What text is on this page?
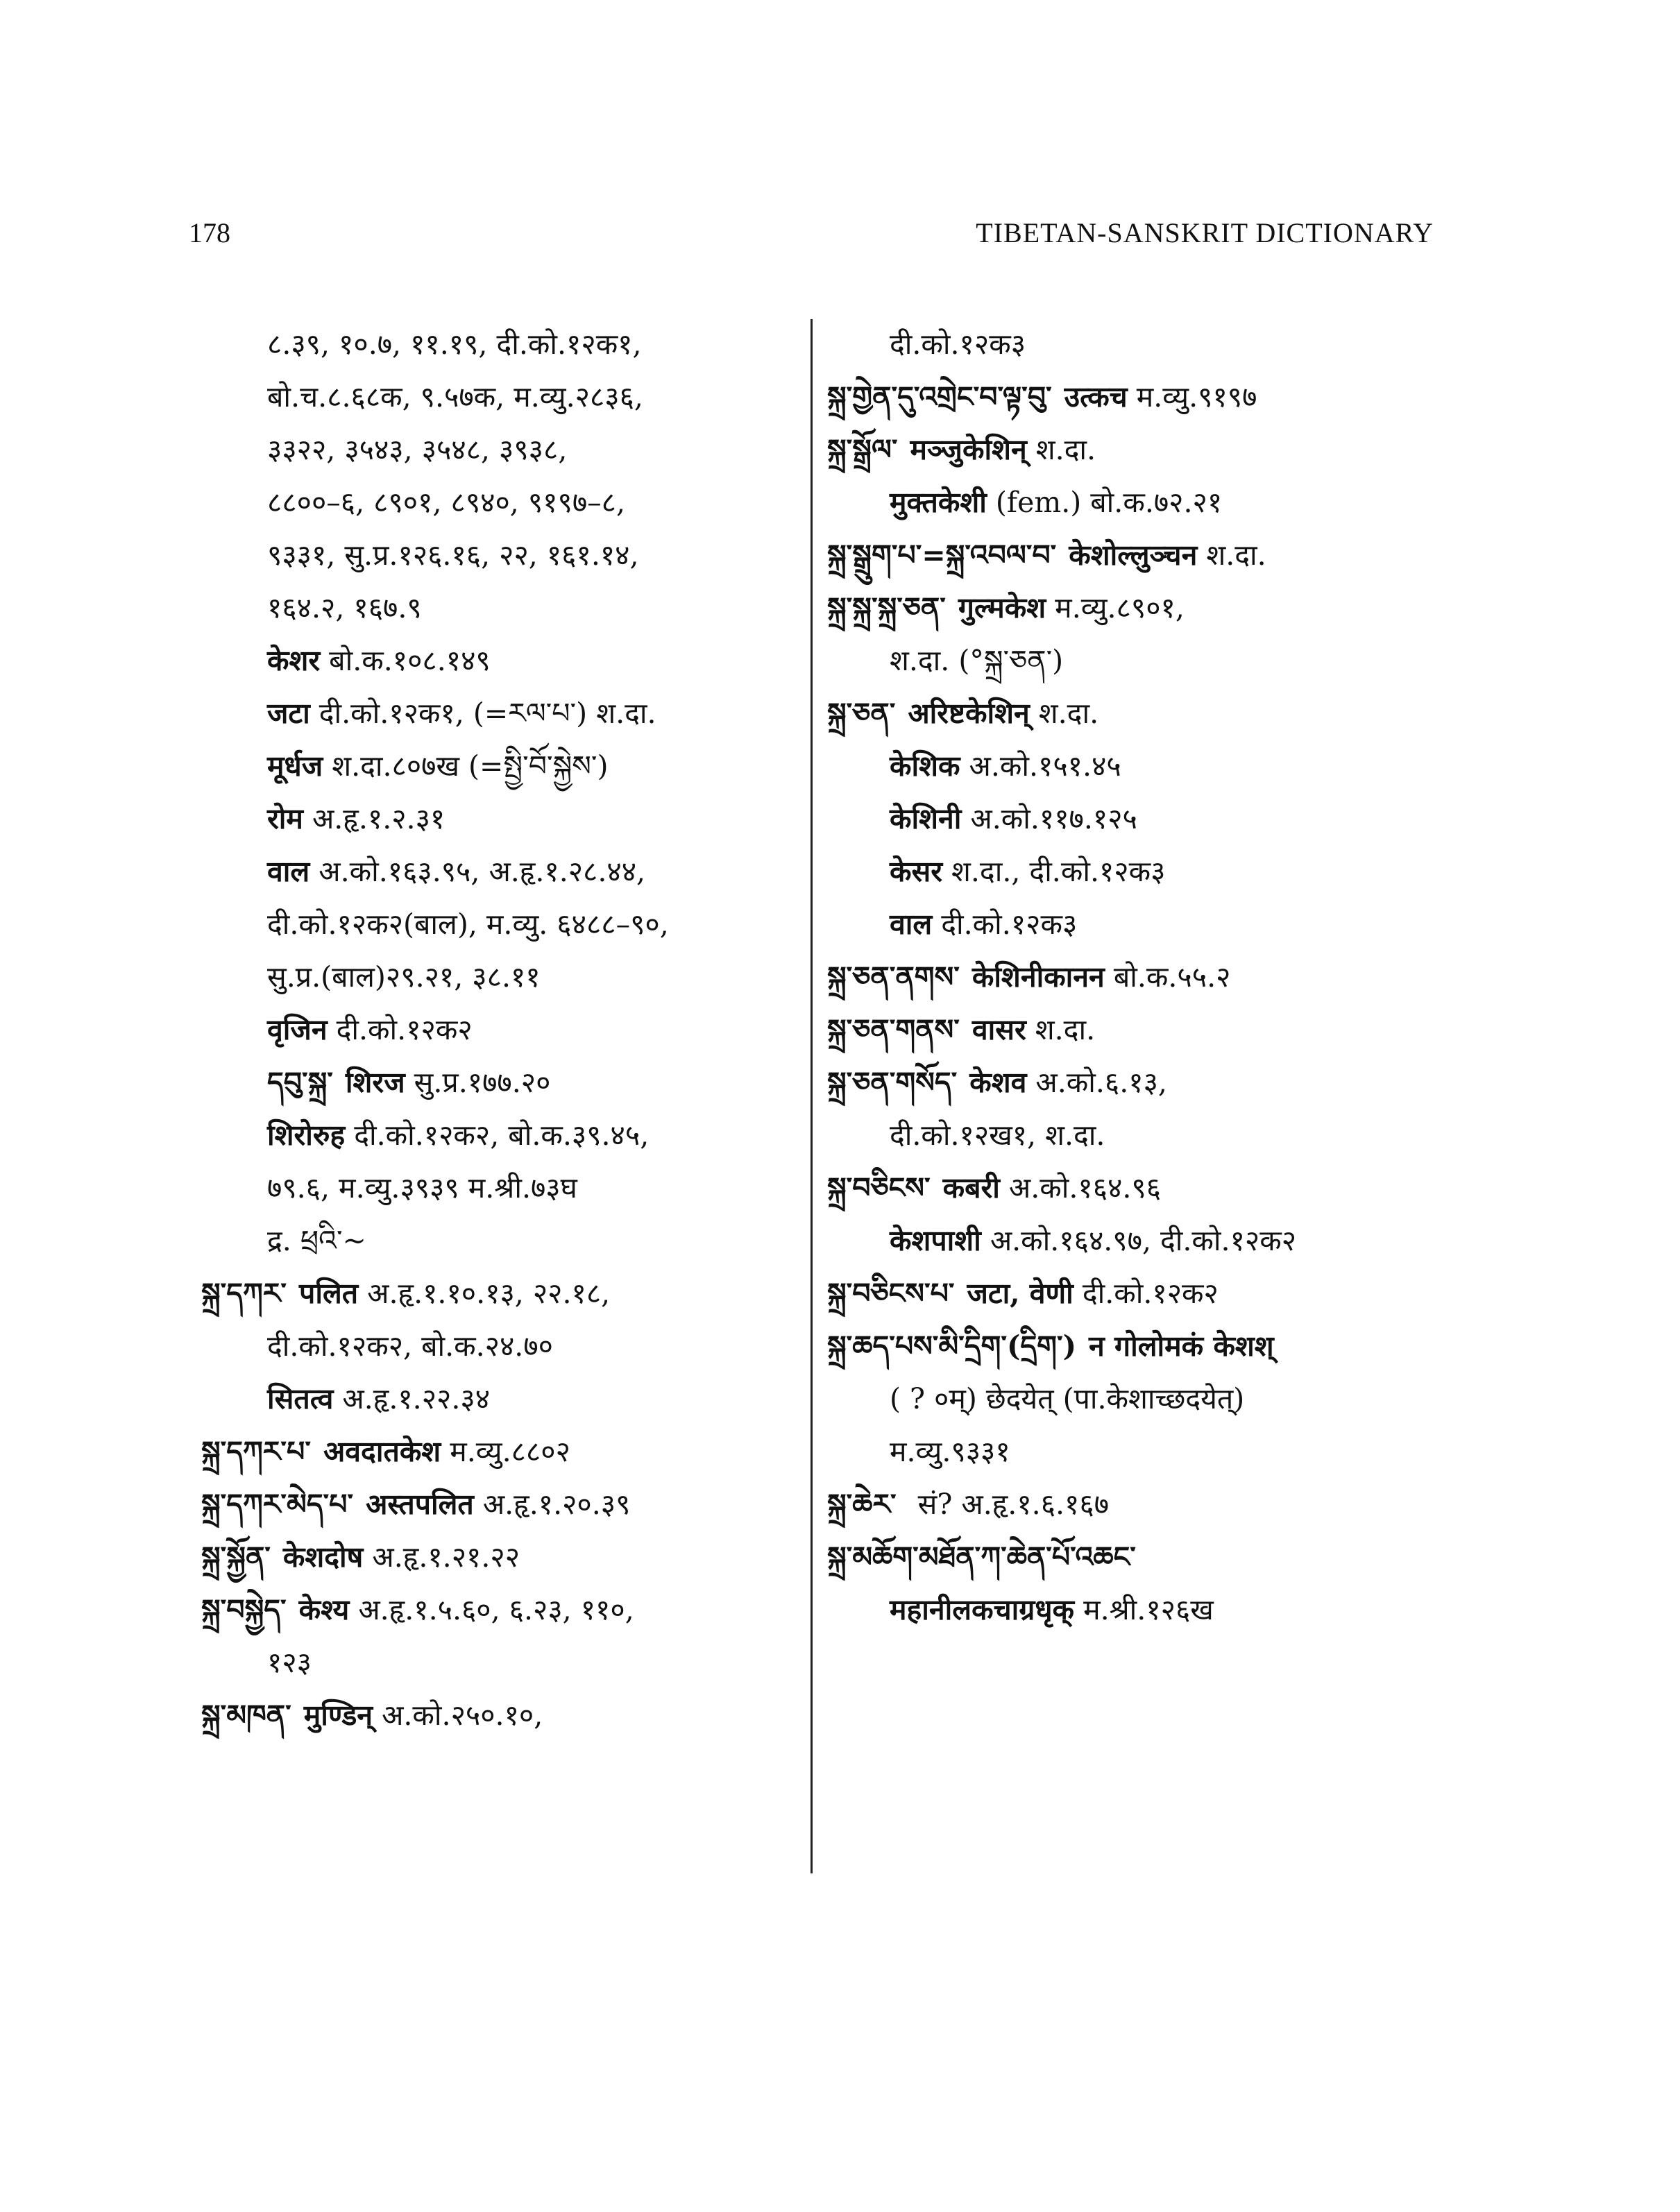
178	TIBETAN-SANSKRIT DICTIONARY
८.३९, १०.७, ११.१९, दी.को.१२क१,
बो.च.८.६८क, ९.५७क, म.व्यु.२८३६,
३३२२, ३५४३, ३५४८, ३९३८,
८८००–६, ८९०१, ८९४०, ९१९७–८,
९३३१, सु.प्र.१२६.१६, २२, १६१.१४,
१६४.२, १६७.९
केशर बो.क.१०८.१४९
जटा दी.को.१२क१, (=རལ་པ་) श.दा.
मूर्धज श.दा.८०७ख (=སྤྱི་བོ་སྐྱེས་)
रोम अ.हृ.१.२.३१
वाल अ.को.१६३.९५, अ.हृ.१.२८.४४,
दी.को.१२क२(बाल), म.व्यु. ६४८८–९०,
सु.प्र.(बाल)२९.२१, ३८.११
वृजिन दी.को.१२क२
དབུ་སྐྲ་ शिरज सु.प्र.१७७.२०
शिरोरुह दी.को.१२क२, बो.क.३९.४५,
७९.६, म.व्यु.३९३९ म.श्री.७३घ
द्र. ཕྲའི་~
སྐྲ་དཀར་ पलित अ.हृ.१.१०.१३, २२.१८,
दी.को.१२क२, बो.क.२४.७०
सितत्व अ.हृ.१.२२.३४
སྐྲ་དཀར་པ་ अवदातकेश म.व्यु.८८०२
སྐྲ་དཀར་མེད་པ་ अस्तपलित अ.हृ.१.२०.३९
སྐྲ་སྐྱོན་ केशदोष अ.हृ.१.२१.२२
སྐྲ་བསྐྱེད་ केश्य अ.हृ.१.५.६०, ६.२३, ११०,
१२३
སྐྲ་མཁན་ मुण्डिन् अ.को.२५०.१०,
दी.को.१२क३
སྐྲ་གྱེན་དུ་འགྲེང་བ་ལྟ་བུ་ उत्कच म.व्यु.९१९७
སྐྲ་སྒྲོལ་ मञ्जुकेशिन् श.दा.
मुक्तकेशी (fem.) बो.क.७२.२१
སྐྲ་སྒྲུག་པ་=སྐྲ་འབལ་བ་ केशोल्लुञ्चन श.दा.
སྐྲ་སྐྲ་སྐྲ་ཅན་ गुल्मकेश म.व्यु.८९०१,
श.दा. (°སྐྲ་ཅན་)
སྐྲ་ཅན་ अरिष्टकेशिन् श.दा.
केशिक अ.को.१५१.४५
केशिनी अ.को.११७.१२५
केसर श.दा., दी.को.१२क३
वाल दी.को.१२क३
སྐྲ་ཅན་ནགས་ केशिनीकानन बो.क.५५.२
སྐྲ་ཅན་གནས་ वासर श.दा.
སྐྲ་ཅན་གསོད་ केशव अ.को.६.१३,
दी.को.१२ख१, श.दा.
སྐྲ་བཅིངས་ कबरी अ.को.१६४.९६
केशपाशी अ.को.१६४.९७, दी.को.१२क२
སྐྲ་བཅིངས་པ་ जटा, वेणी दी.को.१२क२
སྐྲ་ཆད་པས་མི་དྲིག་(དྲིག་) न गोलोमकं केशश्
( ? ०म्) छेदयेत् (पा.केशाच्छदयेत्)
म.व्यु.९३३१
སྐྲ་ཆེར་ सं? अ.हृ.१.६.१६७
སྐྲ་མཆོག་མཐོན་ཀ་ཆེན་པོ་འཆང་
महानीलकचाग्रधृक् म.श्री.१२६ख
